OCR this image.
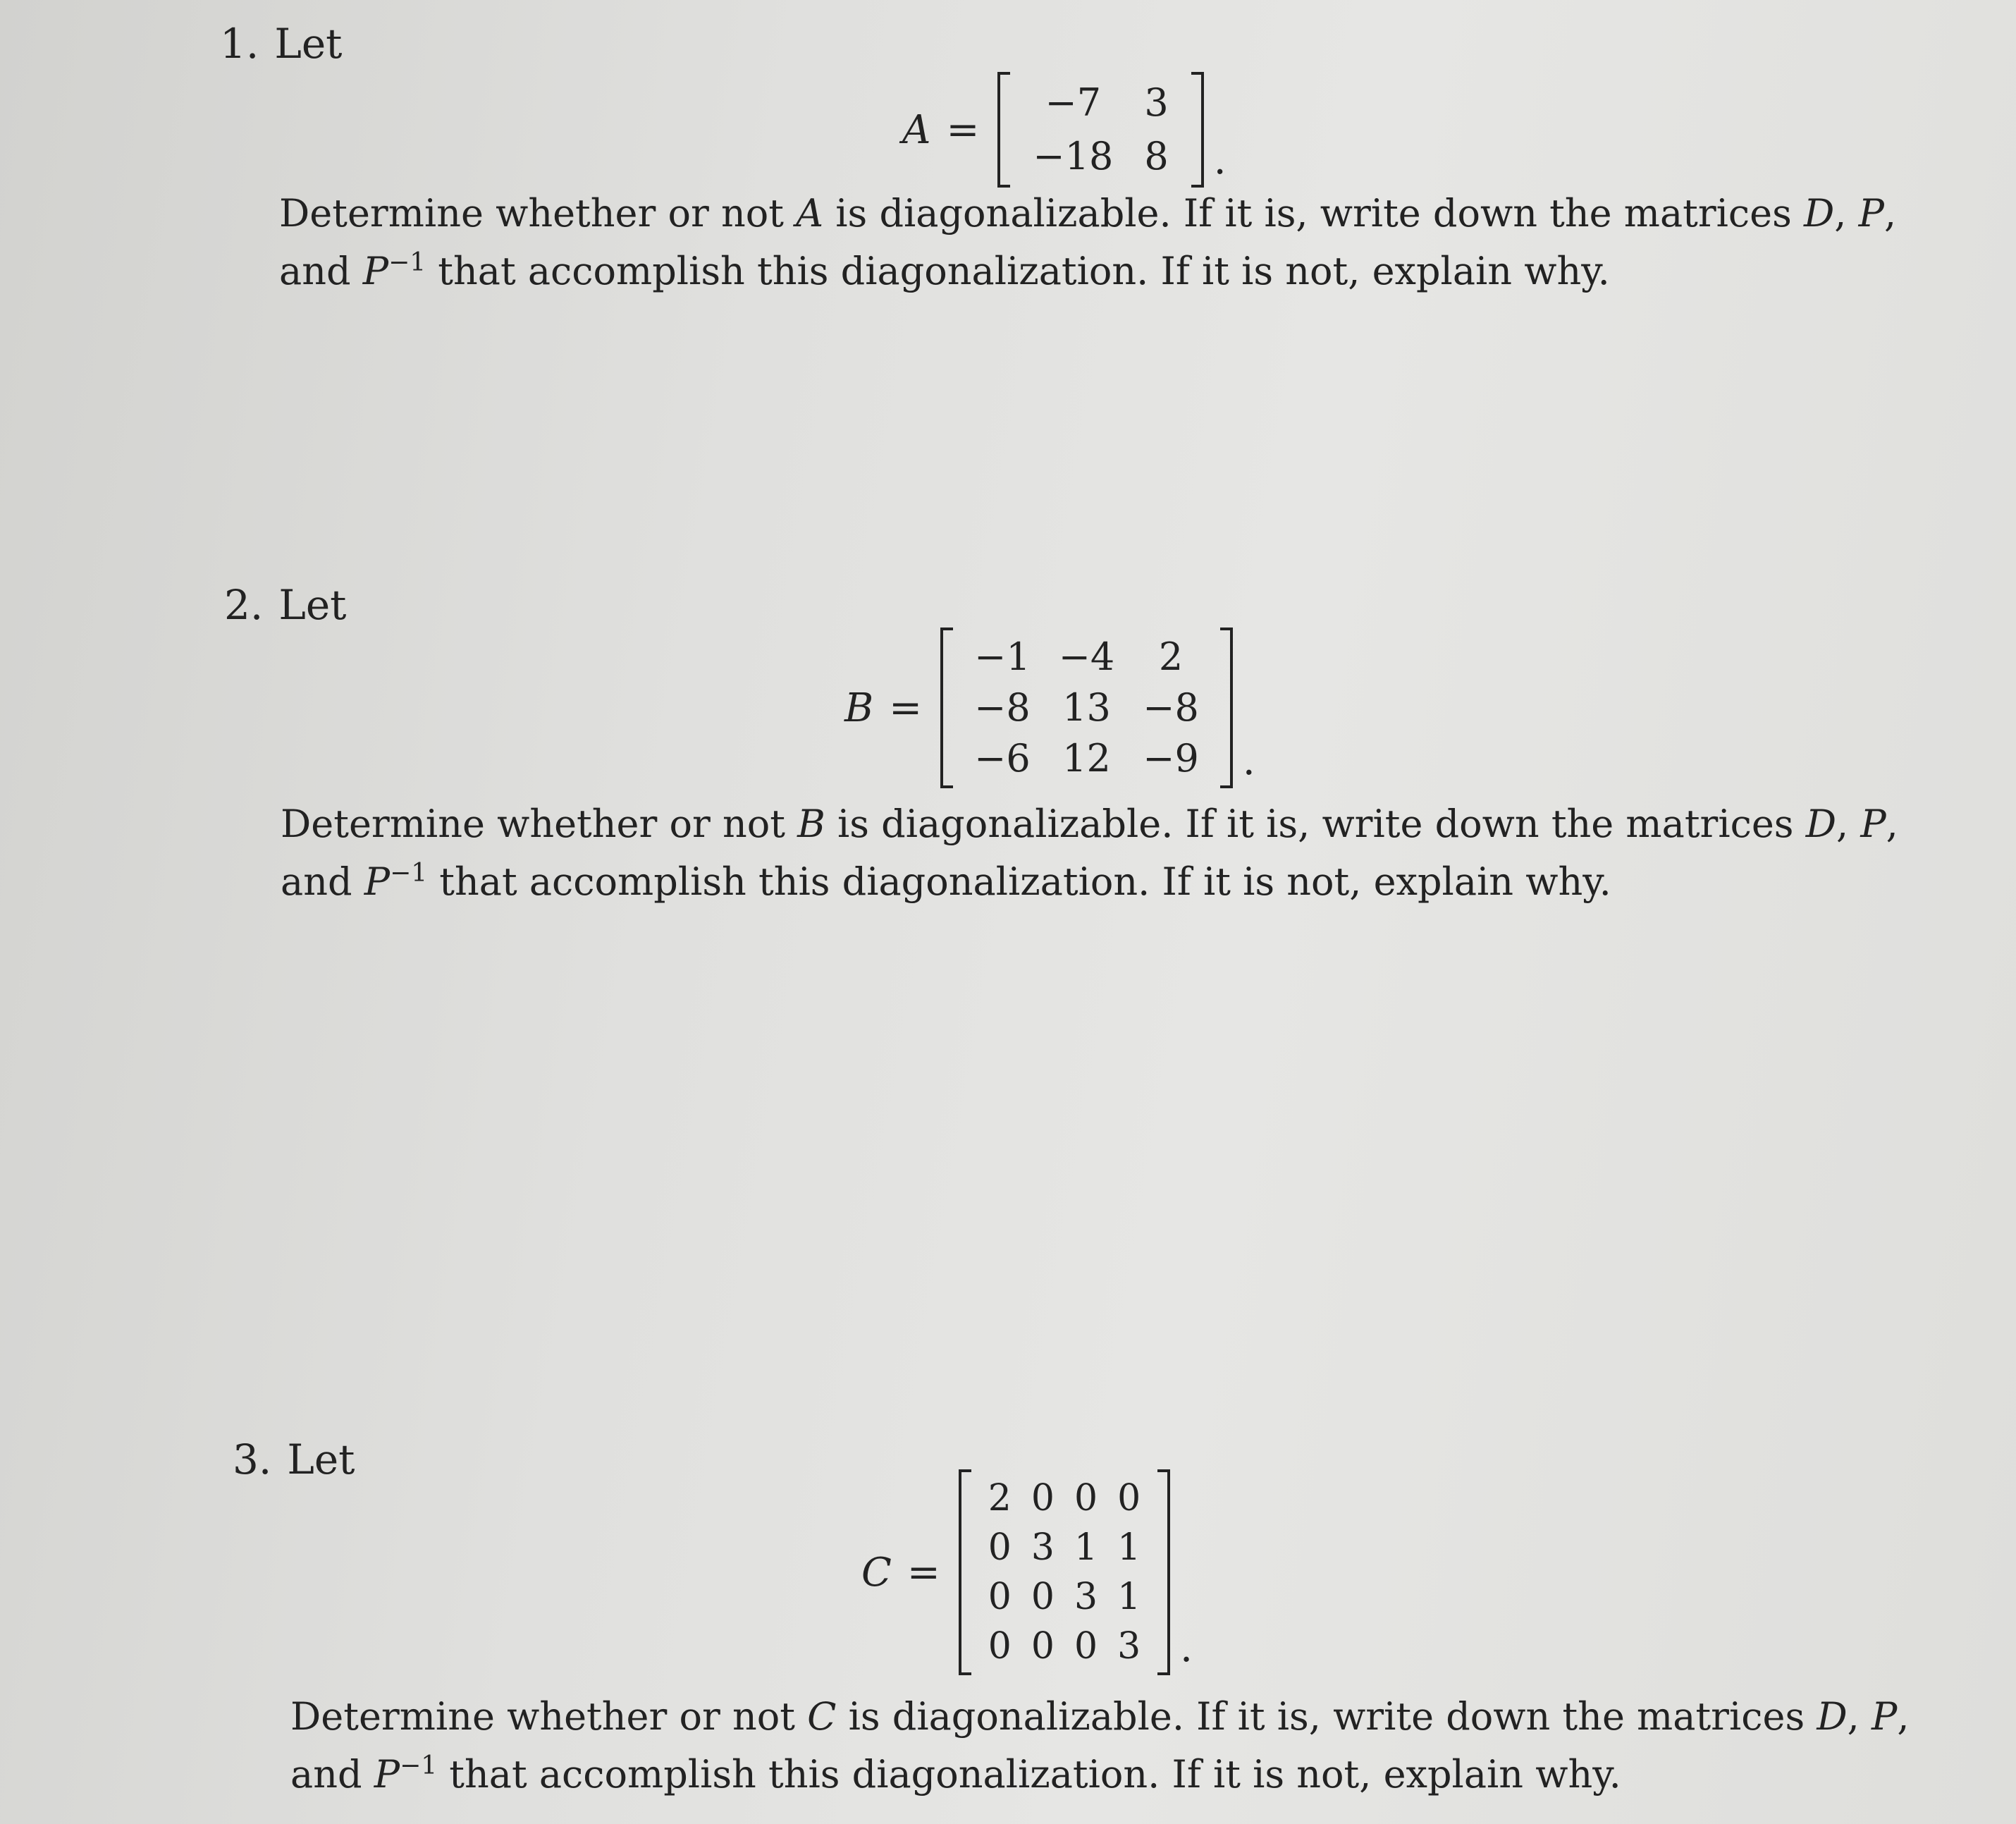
1. Let
A =
−7	3
−18	8 .
Determine whether or not A is diagonalizable. If it is, write down the matrices D, P,
and $P^{-1}$ that accomplish this diagonalization. If it is not, explain why.
2. Let
B =
−1	−4	2
−8	13	−8
−6	12	−9 .
Determine whether or not B is diagonalizable. If it is, write down the matrices D, P,
and $P^{-1}$ that accomplish this diagonalization. If it is not, explain why.
3. Let
C =
2	0	0	0
0	3	1	1
0	0	3	1
0	0	0	3 .
Determine whether or not C is diagonalizable. If it is, write down the matrices D, P,
and $P^{-1}$ that accomplish this diagonalization. If it is not, explain why.
